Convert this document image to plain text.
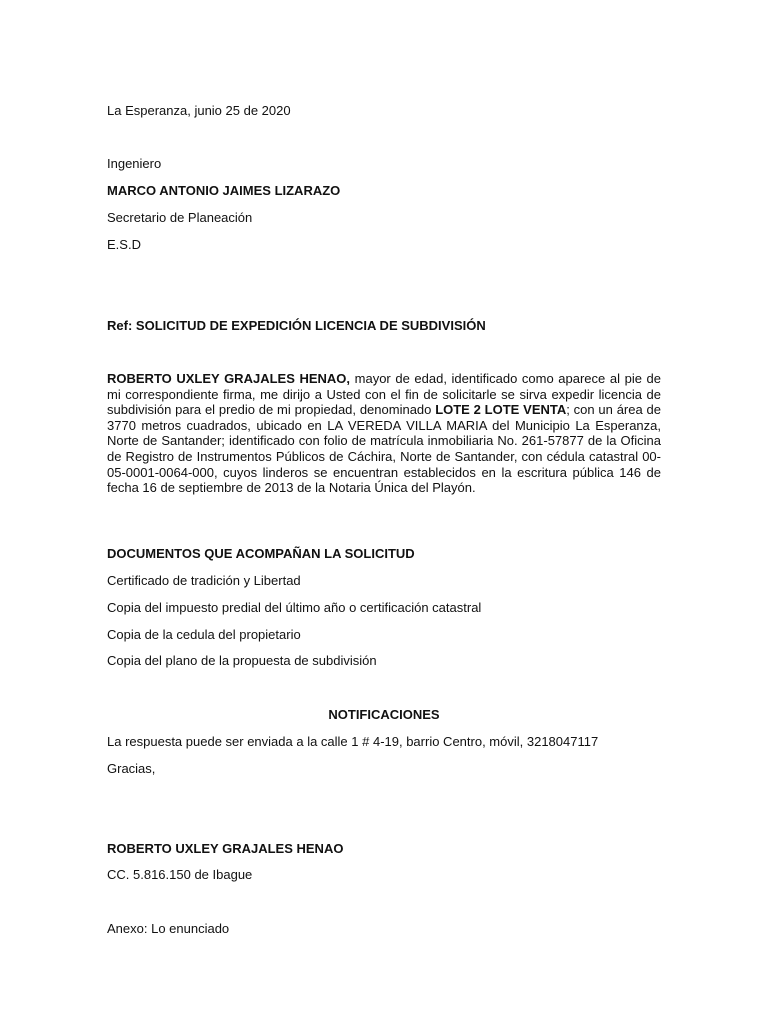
La Esperanza, junio 25 de 2020
Ingeniero
MARCO ANTONIO JAIMES LIZARAZO
Secretario de Planeación
E.S.D
Ref: SOLICITUD DE EXPEDICIÓN LICENCIA DE SUBDIVISIÓN
ROBERTO UXLEY GRAJALES HENAO, mayor de edad, identificado como aparece al pie de mi correspondiente firma, me dirijo a Usted con el fin de solicitarle se sirva expedir licencia de subdivisión para el predio de mi propiedad, denominado LOTE 2 LOTE VENTA; con un área de 3770 metros cuadrados, ubicado en LA VEREDA VILLA MARIA del Municipio La Esperanza, Norte de Santander; identificado con folio de matrícula inmobiliaria No. 261-57877 de la Oficina de Registro de Instrumentos Públicos de Cáchira, Norte de Santander, con cédula catastral 00-05-0001-0064-000, cuyos linderos se encuentran establecidos en la escritura pública 146 de fecha 16 de septiembre de 2013 de la Notaria Única del Playón.
DOCUMENTOS QUE ACOMPAÑAN LA SOLICITUD
Certificado de tradición y Libertad
Copia del impuesto predial del último año o certificación catastral
Copia de la cedula del propietario
Copia del plano de la propuesta de subdivisión
NOTIFICACIONES
La respuesta puede ser enviada a la calle 1 # 4-19, barrio Centro, móvil, 3218047117
Gracias,
ROBERTO UXLEY GRAJALES HENAO
CC. 5.816.150 de Ibague
Anexo: Lo enunciado
